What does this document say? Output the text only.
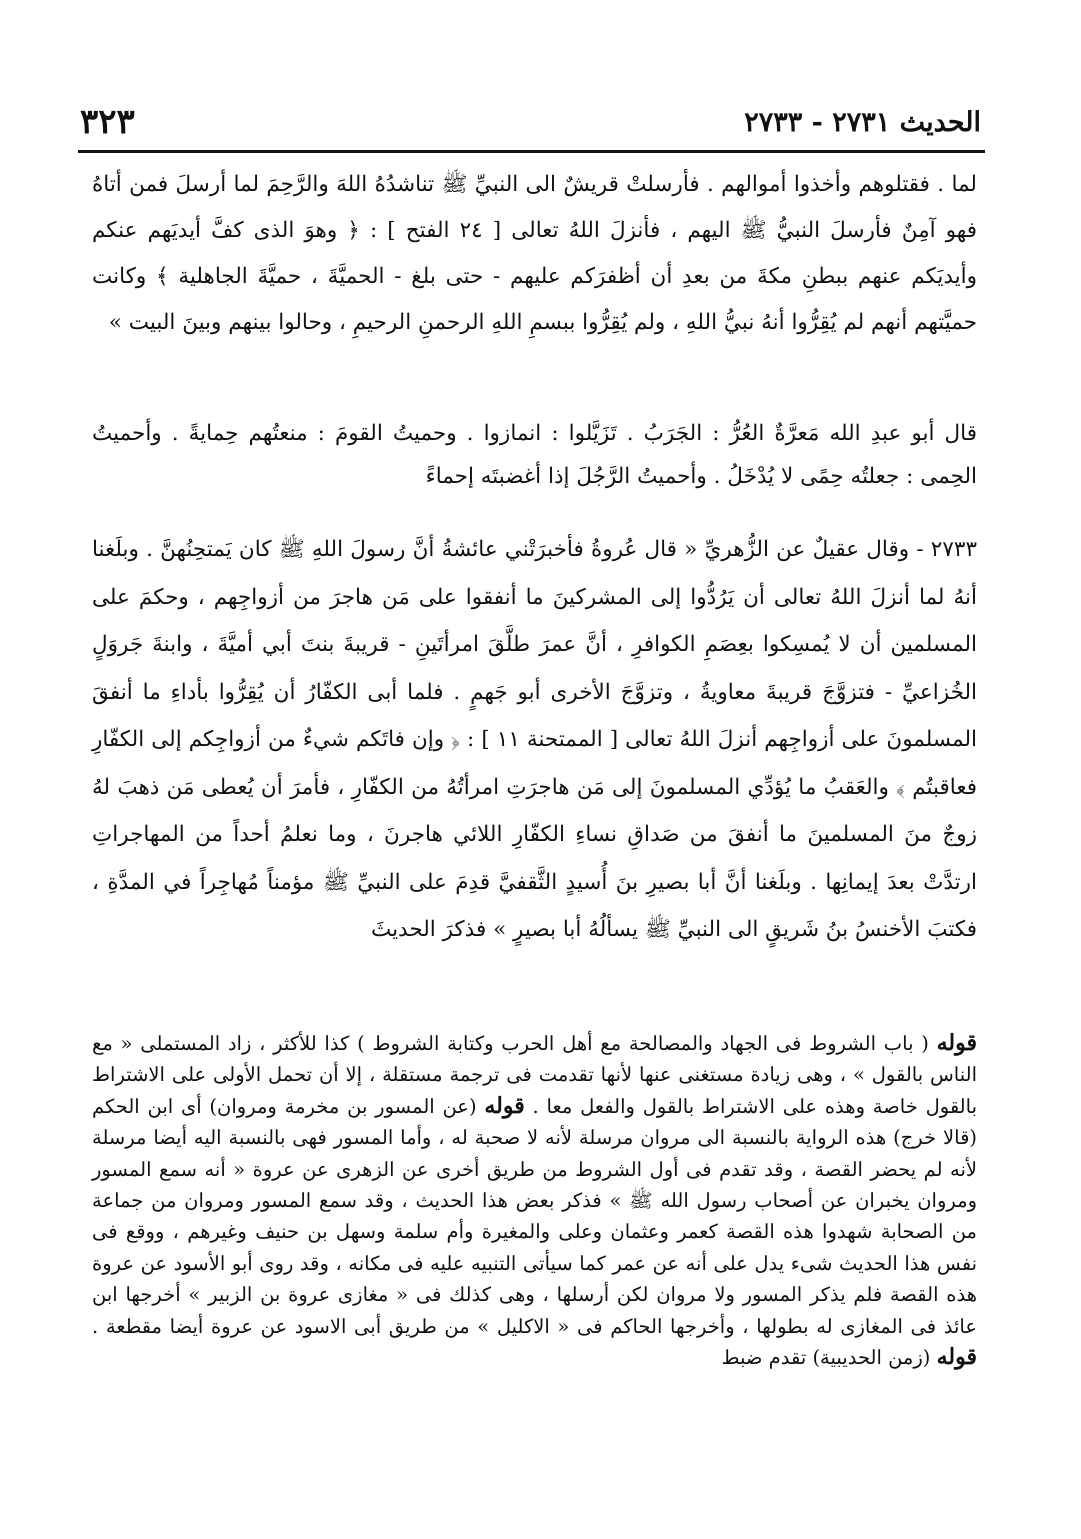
الحديث ٢٧٣١ - ٢٧٣٣
٣٢٣

لما . فقتلوهم وأخذوا أموالهم . فأرسلتْ قريشٌ الى النبيِّ ﷺ تناشدُهُ اللهَ والرَّحِمَ لما أرسلَ فمن أتاهُ فهو آمِنٌ فأرسلَ النبيُّ ﷺ اليهم ، فأنزلَ اللهُ تعالى [ ٢٤ الفتح ] : ﴿ وهوَ الذى كفَّ أيديَهم عنكم وأيديَكم عنهم ببطنِ مكةَ من بعدِ أن أظفرَكم عليهم - حتى بلغ - الحميَّةَ ، حميَّةَ الجاهلية ﴾ وكانت حميَّتهم أنهم لم يُقِرُّوا أنهُ نبيُّ اللهِ ، ولم يُقِرُّوا ببسمِ اللهِ الرحمنِ الرحيمِ ، وحالوا بينهم وبينَ البيت »

قال أبو عبدِ الله مَعرَّةٌ العُرُّ : الجَرَبُ . تَزَيَّلوا : انمازوا . وحميتُ القومَ : منعتُهم حِمايةً . وأحميتُ الحِمى : جعلتُه حِمًى لا يُدْخَلُ . وأحميتُ الرَّجُلَ إذا أغضبتَه إحماءً

٢٧٣٣ - وقال عقيلٌ عن الزُّهريِّ « قال عُروةُ فأخبرَتْني عائشةُ أنَّ رسولَ اللهِ ﷺ كان يَمتحِنُهنَّ . وبلَغنا أنهُ لما أنزلَ اللهُ تعالى أن يَرُدُّوا إلى المشركينَ ما أنفقوا على مَن هاجرَ من أزواجِهم ، وحكمَ على المسلمين أن لا يُمسِكوا بعِصَمِ الكوافرِ ، أنَّ عمرَ طلَّقَ امرأتَينِ - قريبةَ بنتَ أبي أميَّةَ ، وابنةَ جَروَلٍ الخُزاعيِّ - فتزوَّجَ قريبةَ معاويةُ ، وتزوَّجَ الأخرى أبو جَهمٍ . فلما أبى الكفّارُ أن يُقِرُّوا بأداءِ ما أنفقَ المسلمونَ على أزواجِهم أنزلَ اللهُ تعالى [ الممتحنة ١١ ] : ﴿ وإن فاتَكم شيءٌ من أزواجِكم إلى الكفّارِ فعاقبتُم ﴾ والعَقبُ ما يُؤدِّي المسلمونَ إلى مَن هاجرَتِ امرأتُهُ من الكفّارِ ، فأمرَ أن يُعطى مَن ذهبَ لهُ زوجٌ منَ المسلمينَ ما أنفقَ من صَداقِ نساءِ الكفّارِ اللائي هاجرنَ ، وما نعلمُ أحداً من المهاجراتِ ارتدَّتْ بعدَ إيمانِها . وبلَغنا أنَّ أبا بصيرِ بنَ أُسيدٍ الثَّقفيَّ قدِمَ على النبيِّ ﷺ مؤمناً مُهاجِراً في المدَّةِ ، فكتبَ الأخنسُ بنُ شَريقٍ الى النبيِّ ﷺ يسألُهُ أبا بصيرٍ » فذكرَ الحديثَ

قوله ( باب الشروط فى الجهاد والمصالحة مع أهل الحرب وكتابة الشروط ) كذا للأكثر ، زاد المستملى « مع الناس بالقول » ، وهى زيادة مستغنى عنها لأنها تقدمت فى ترجمة مستقلة ، إلا أن تحمل الأولى على الاشتراط بالقول خاصة وهذه على الاشتراط بالقول والفعل معا . قوله (عن المسور بن مخرمة ومروان) أى ابن الحكم (قالا خرج) هذه الرواية بالنسبة الى مروان مرسلة لأنه لا صحبة له ، وأما المسور فهى بالنسبة اليه أيضا مرسلة لأنه لم يحضر القصة ، وقد تقدم فى أول الشروط من طريق أخرى عن الزهرى عن عروة « أنه سمع المسور ومروان يخبران عن أصحاب رسول الله ﷺ » فذكر بعض هذا الحديث ، وقد سمع المسور ومروان من جماعة من الصحابة شهدوا هذه القصة كعمر وعثمان وعلى والمغيرة وأم سلمة وسهل بن حنيف وغيرهم ، ووقع فى نفس هذا الحديث شىء يدل على أنه عن عمر كما سيأتى التنبيه عليه فى مكانه ، وقد روى أبو الأسود عن عروة هذه القصة فلم يذكر المسور ولا مروان لكن أرسلها ، وهى كذلك فى « مغازى عروة بن الزبير » أخرجها ابن عائذ فى المغازى له بطولها ، وأخرجها الحاكم فى « الاكليل » من طريق أبى الاسود عن عروة أيضا مقطعة . قوله (زمن الحديبية) تقدم ضبط
